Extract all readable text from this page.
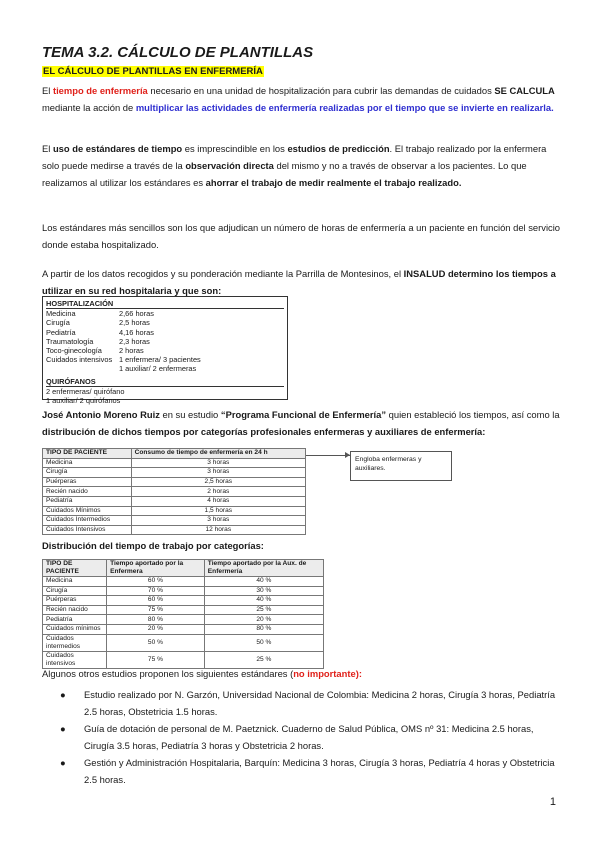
TEMA 3.2. CÁLCULO DE PLANTILLAS
EL CÁLCULO DE PLANTILLAS EN ENFERMERÍA

El tiempo de enfermería necesario en una unidad de hospitalización para cubrir las demandas de cuidados SE CALCULA mediante la acción de multiplicar las actividades de enfermería realizadas por el tiempo que se invierte en realizarla.

El uso de estándares de tiempo es imprescindible en los estudios de predicción. El trabajo realizado por la enfermera solo puede medirse a través de la observación directa del mismo y no a través de observar a los pacientes. Lo que realizamos al utilizar los estándares es ahorrar el trabajo de medir realmente el trabajo realizado.

Los estándares más sencillos son los que adjudican un número de horas de enfermería a un paciente en función del servicio donde estaba hospitalizado.

A partir de los datos recogidos y su ponderación mediante la Parrilla de Montesinos, el INSALUD determino los tiempos a utilizar en su red hospitalaria y que son:

HOSPITALIZACIÓN
Medicina	2,66 horas
Cirugía	2,5 horas
Pediatría	4,16 horas
Traumatología	2,3 horas
Toco-ginecología	2 horas
Cuidados intensivos 1 enfermera/ 3 pacientes
1 auxiliar/ 2 enfermeras
QUIRÓFANOS
2 enfermeras/ quirófano
1 auxiliar/ 2 quirófanos

José Antonio Moreno Ruiz en su estudio “Programa Funcional de Enfermería” quien estableció los tiempos, así como la distribución de dichos tiempos por categorías profesionales enfermeras y auxiliares de enfermería:

TIPO DE PACIENTE	Consumo de tiempo de enfermería en 24 h
Medicina	3 horas
Cirugía	3 horas
Puérperas	2,5 horas
Recién nacido	2 horas
Pediatría	4 horas
Cuidados Mínimos	1,5 horas
Cuidados Intermedios	3 horas
Cuidados Intensivos	12 horas
Engloba enfermeras y auxiliares.

Distribución del tiempo de trabajo por categorías:

TIPO DE PACIENTE	Tiempo aportado por la Enfermera	Tiempo aportado por la Aux. de Enfermería
Medicina	60 %	40 %
Cirugía	70 %	30 %
Puérperas	60 %	40 %
Recién nacido	75 %	25 %
Pediatría	80 %	20 %
Cuidados mínimos	20 %	80 %
Cuidados intermedios	50 %	50 %
Cuidados intensivos	75 %	25 %

Algunos otros estudios proponen los siguientes estándares (no importante):

● Estudio realizado por N. Garzón, Universidad Nacional de Colombia: Medicina 2 horas, Cirugía 3 horas, Pediatría 2.5 horas, Obstetricia 1.5 horas.
● Guía de dotación de personal de M. Paetznick. Cuaderno de Salud Pública, OMS nº 31: Medicina 2.5 horas, Cirugía 3.5 horas, Pediatría 3 horas y Obstetricia 2 horas.
● Gestión y Administración Hospitalaria, Barquín: Medicina 3 horas, Cirugía 3 horas, Pediatría 4 horas y Obstetricia 2.5 horas.
1
